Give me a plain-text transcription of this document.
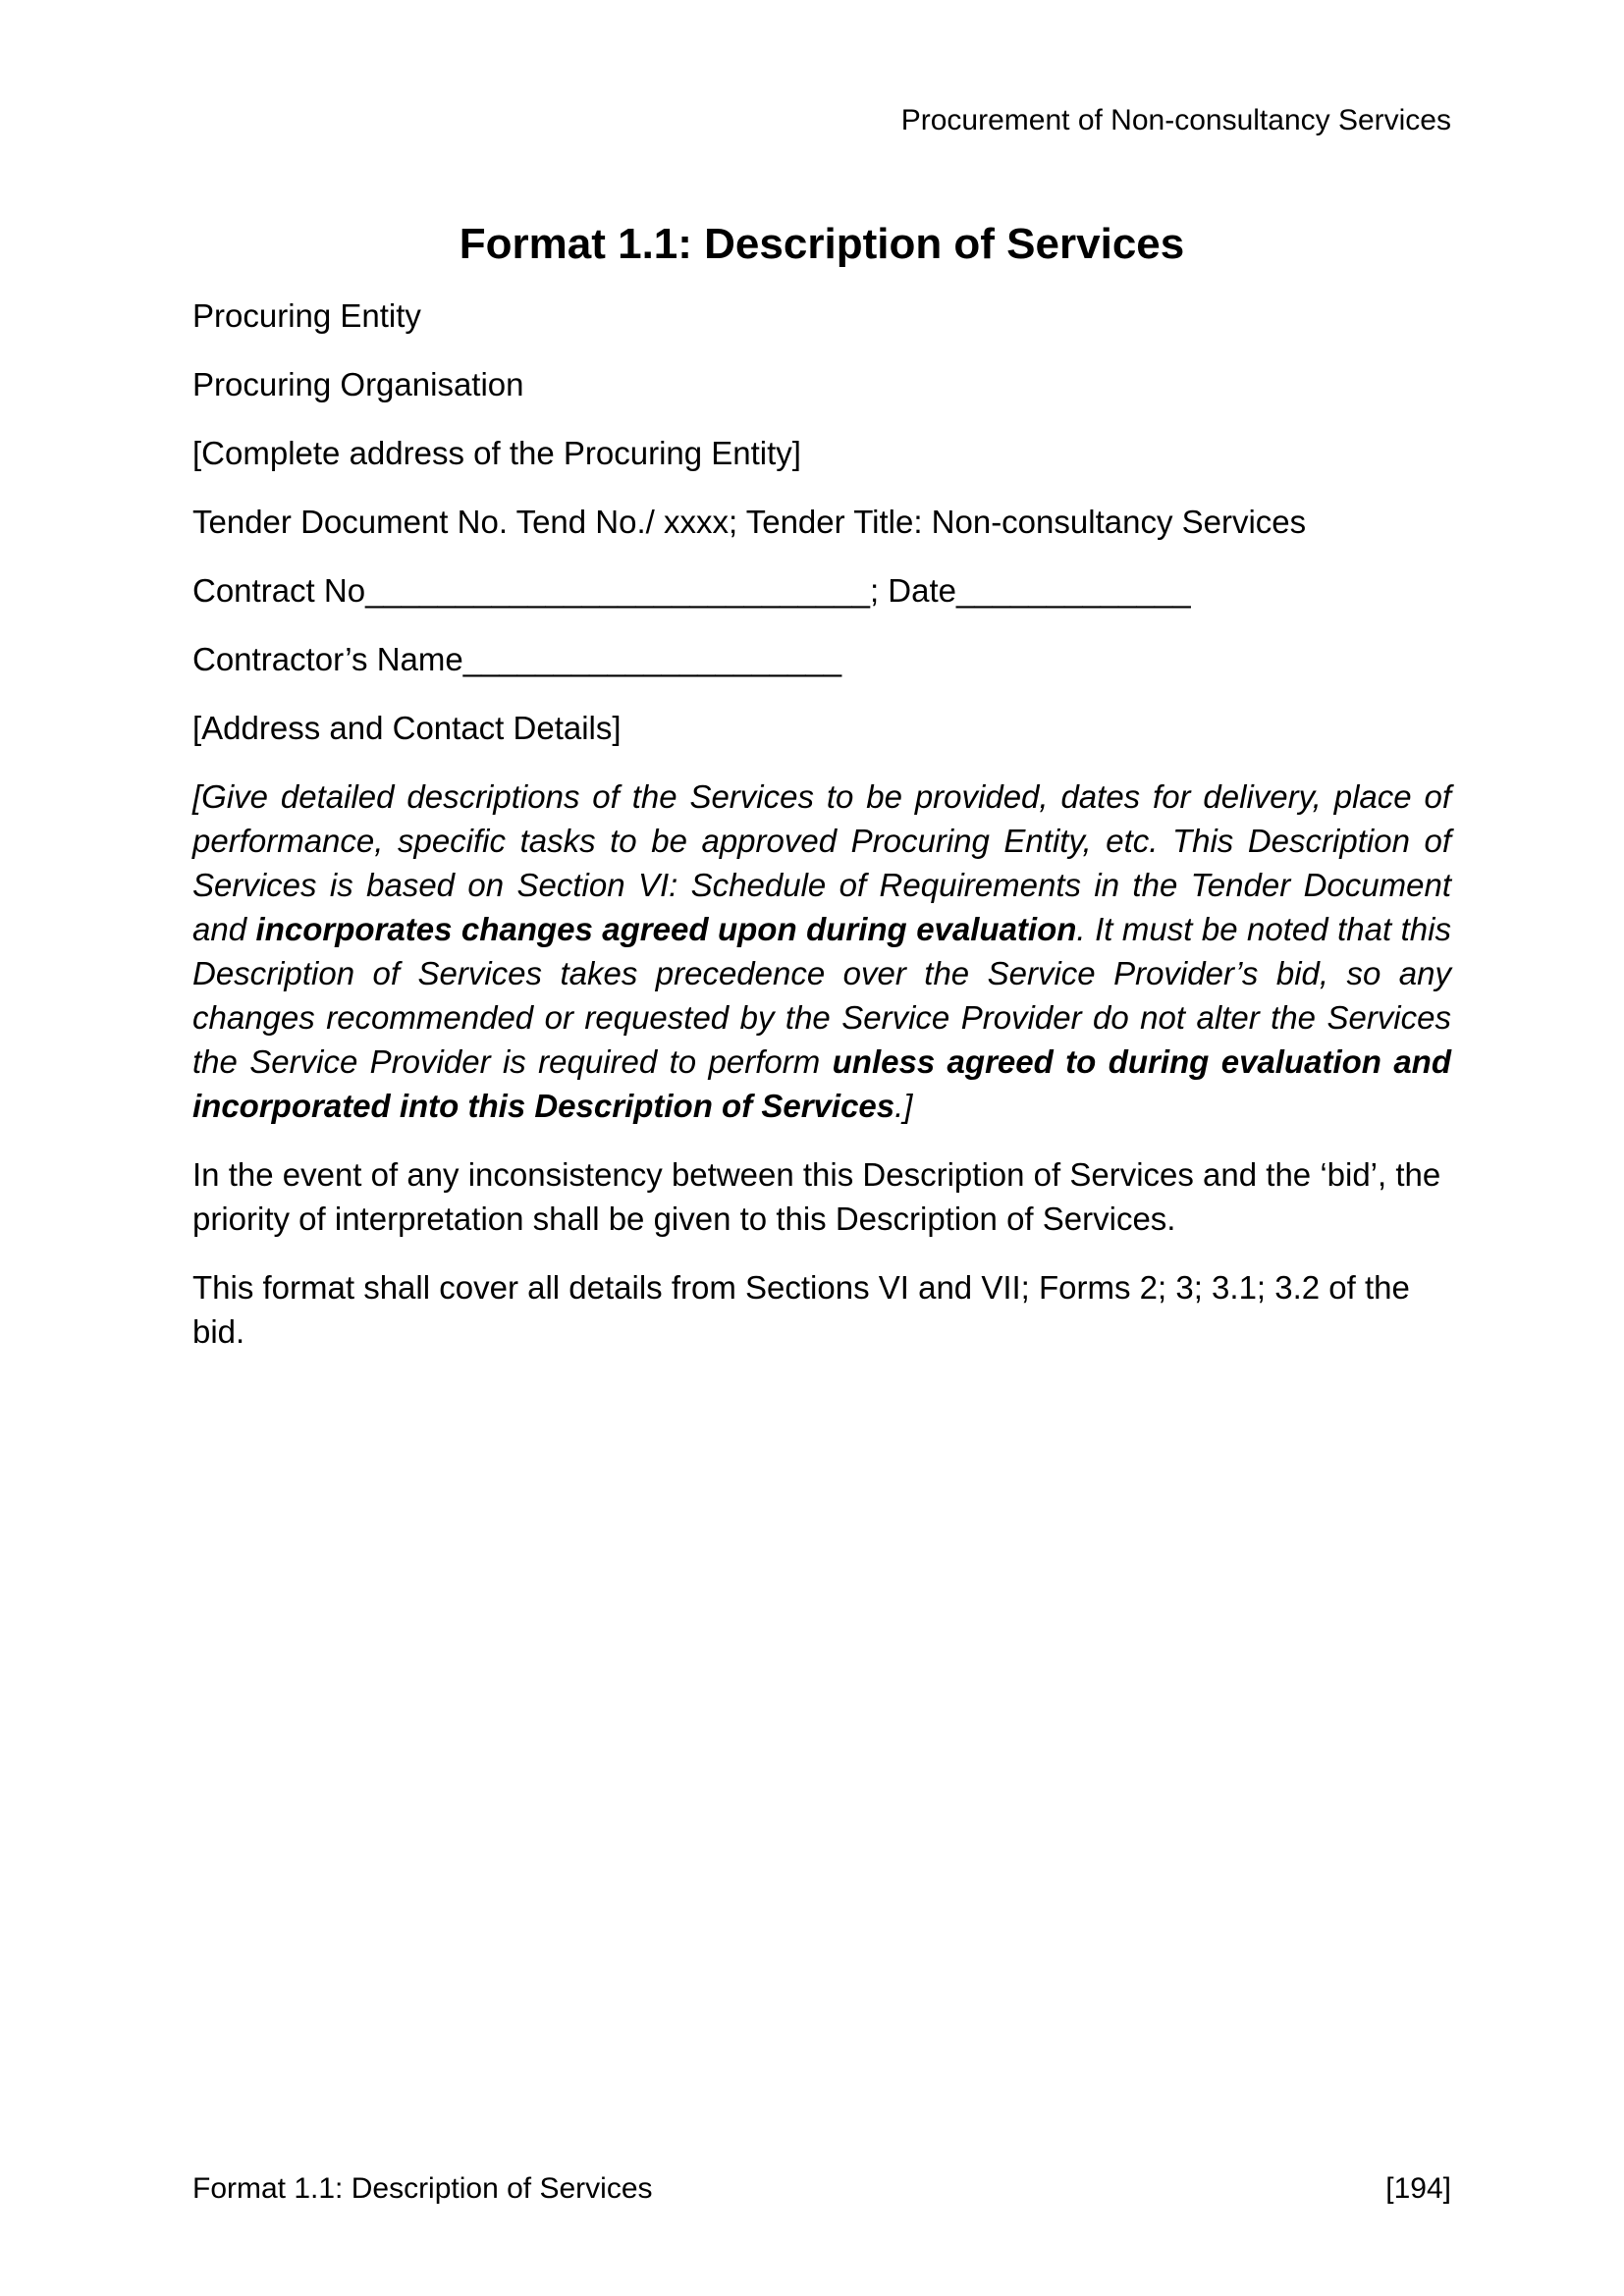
Procurement of Non-consultancy Services
Format 1.1: Description of Services

Procuring Entity

Procuring Organisation

[Complete address of the Procuring Entity]

Tender Document No. Tend No./ xxxx; Tender Title: Non-consultancy Services

Contract No____________________________; Date_____________

Contractor’s Name_____________________

[Address and Contact Details]

[Give detailed descriptions of the Services to be provided, dates for delivery, place of performance, specific tasks to be approved Procuring Entity, etc. This Description of Services is based on Section VI: Schedule of Requirements in the Tender Document and incorporates changes agreed upon during evaluation. It must be noted that this Description of Services takes precedence over the Service Provider’s bid, so any changes recommended or requested by the Service Provider do not alter the Services the Service Provider is required to perform unless agreed to during evaluation and incorporated into this Description of Services.]

In the event of any inconsistency between this Description of Services and the ‘bid’, the priority of interpretation shall be given to this Description of Services.

This format shall cover all details from Sections VI and VII; Forms 2; 3; 3.1; 3.2 of the bid.

Format 1.1: Description of Services	[194]
